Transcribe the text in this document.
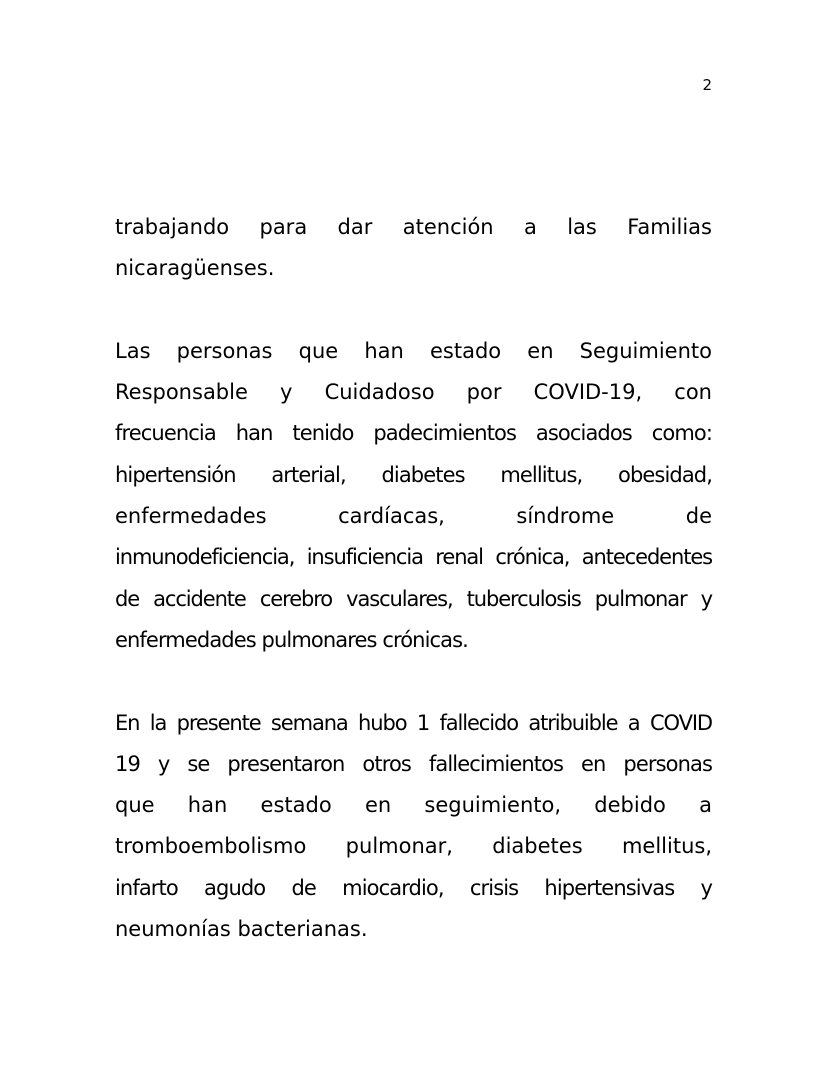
2
trabajando para dar atención a las Familias
nicaragüenses.
Las personas que han estado en Seguimiento
Responsable y Cuidadoso por COVID-19, con
frecuencia han tenido padecimientos asociados como:
hipertensión arterial, diabetes mellitus, obesidad,
enfermedades cardíacas, síndrome de
inmunodeficiencia, insuficiencia renal crónica, antecedentes
de accidente cerebro vasculares, tuberculosis pulmonar y
enfermedades pulmonares crónicas.
En la presente semana hubo 1 fallecido atribuible a COVID
19 y se presentaron otros fallecimientos en personas
que han estado en seguimiento, debido a
tromboembolismo pulmonar, diabetes mellitus,
infarto agudo de miocardio, crisis hipertensivas y
neumonías bacterianas.
